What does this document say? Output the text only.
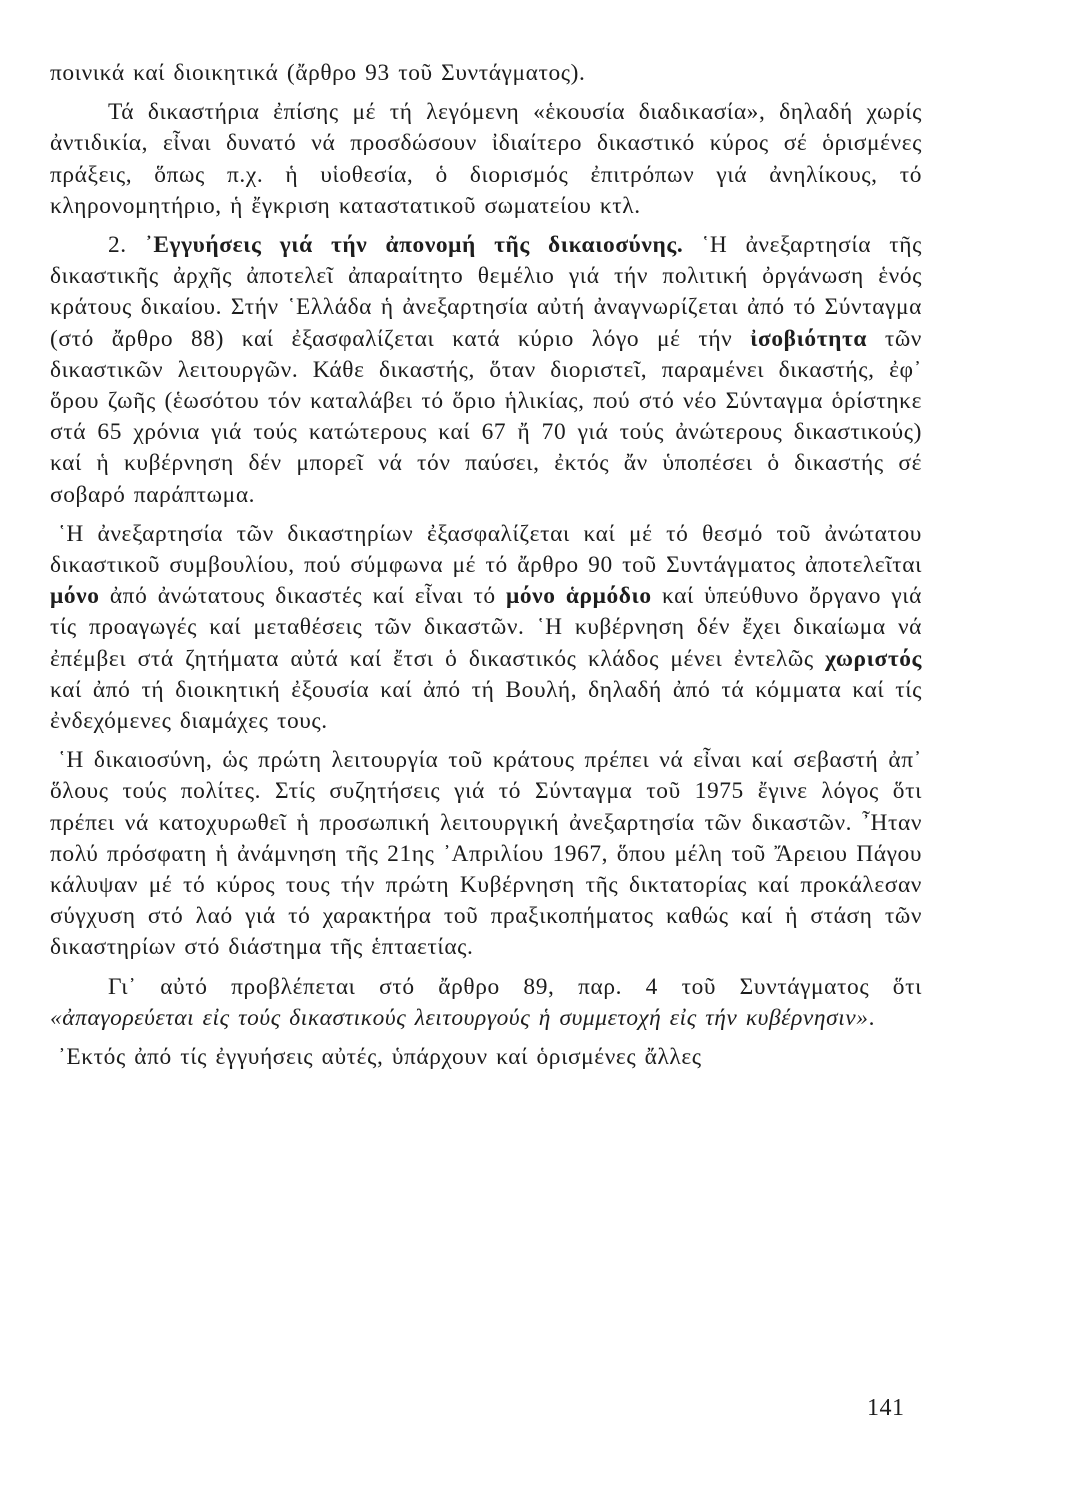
ποινικά καί διοικητικά (ἄρθρο 93 τοῦ Συντάγματος).

Τά δικαστήρια ἐπίσης μέ τή λεγόμενη «ἑκουσία διαδικασία», δηλαδή χωρίς ἀντιδικία, εἶναι δυνατό νά προσδώσουν ἰδιαίτερο δικαστικό κύρος σέ ὁρισμένες πράξεις, ὅπως π.χ. ἡ υἱοθεσία, ὁ διορισμός ἐπιτρόπων γιά ἀνηλίκους, τό κληρονομητήριο, ἡ ἔγκριση καταστατικοῦ σωματείου κτλ.

2. ᾿Εγγυήσεις γιά τήν ἀπονομή τῆς δικαιοσύνης. ῾Η ἀνεξαρτησία τῆς δικαστικῆς ἀρχῆς ἀποτελεῖ ἀπαραίτητο θεμέλιο γιά τήν πολιτική ὀργάνωση ἑνός κράτους δικαίου. Στήν ῾Ελλάδα ἡ ἀνεξαρτησία αὐτή ἀναγνωρίζεται ἀπό τό Σύνταγμα (στό ἄρθρο 88) καί ἐξασφαλίζεται κατά κύριο λόγο μέ τήν ἰσοβιότητα τῶν δικαστικῶν λειτουργῶν. Κάθε δικαστής, ὅταν διοριστεῖ, παραμένει δικαστής, ἐφ᾿ ὅρου ζωῆς (ἑωσότου τόν καταλάβει τό ὅριο ἡλικίας, πού στό νέο Σύνταγμα ὁρίστηκε στά 65 χρόνια γιά τούς κατώτερους καί 67 ἤ 70 γιά τούς ἀνώτερους δικαστικούς) καί ἡ κυβέρνηση δέν μπορεῖ νά τόν παύσει, ἐκτός ἄν ὑποπέσει ὁ δικαστής σέ σοβαρό παράπτωμα.

῾Η ἀνεξαρτησία τῶν δικαστηρίων ἐξασφαλίζεται καί μέ τό θεσμό τοῦ ἀνώτατου δικαστικοῦ συμβουλίου, πού σύμφωνα μέ τό ἄρθρο 90 τοῦ Συντάγματος ἀποτελεῖται μόνο ἀπό ἀνώτατους δικαστές καί εἶναι τό μόνο ἁρμόδιο καί ὑπεύθυνο ὄργανο γιά τίς προαγωγές καί μεταθέσεις τῶν δικαστῶν. ῾Η κυβέρνηση δέν ἔχει δικαίωμα νά ἐπέμβει στά ζητήματα αὐτά καί ἔτσι ὁ δικαστικός κλάδος μένει ἐντελῶς χωριστός καί ἀπό τή διοικητική ἐξουσία καί ἀπό τή Βουλή, δηλαδή ἀπό τά κόμματα καί τίς ἐνδεχόμενες διαμάχες τους.

῾Η δικαιοσύνη, ὡς πρώτη λειτουργία τοῦ κράτους πρέπει νά εἶναι καί σεβαστή ἀπ᾿ ὅλους τούς πολίτες. Στίς συζητήσεις γιά τό Σύνταγμα τοῦ 1975 ἔγινε λόγος ὅτι πρέπει νά κατοχυρωθεῖ ἡ προσωπική λειτουργική ἀνεξαρτησία τῶν δικαστῶν. ῏Ηταν πολύ πρόσφατη ἡ ἀνάμνηση τῆς 21ης ᾿Απριλίου 1967, ὅπου μέλη τοῦ Ἄρειου Πάγου κάλυψαν μέ τό κύρος τους τήν πρώτη Κυβέρνηση τῆς δικτατορίας καί προκάλεσαν σύγχυση στό λαό γιά τό χαρακτήρα τοῦ πραξικοπήματος καθώς καί ἡ στάση τῶν δικαστηρίων στό διάστημα τῆς ἑπταετίας.

Γι᾿ αὐτό προβλέπεται στό ἄρθρο 89, παρ. 4 τοῦ Συντάγματος ὅτι «ἀπαγορεύεται εἰς τούς δικαστικούς λειτουργούς ἡ συμμετοχή εἰς τήν κυβέρνησιν».

᾿Εκτός ἀπό τίς ἐγγυήσεις αὐτές, ὑπάρχουν καί ὁρισμένες ἄλλες

141
